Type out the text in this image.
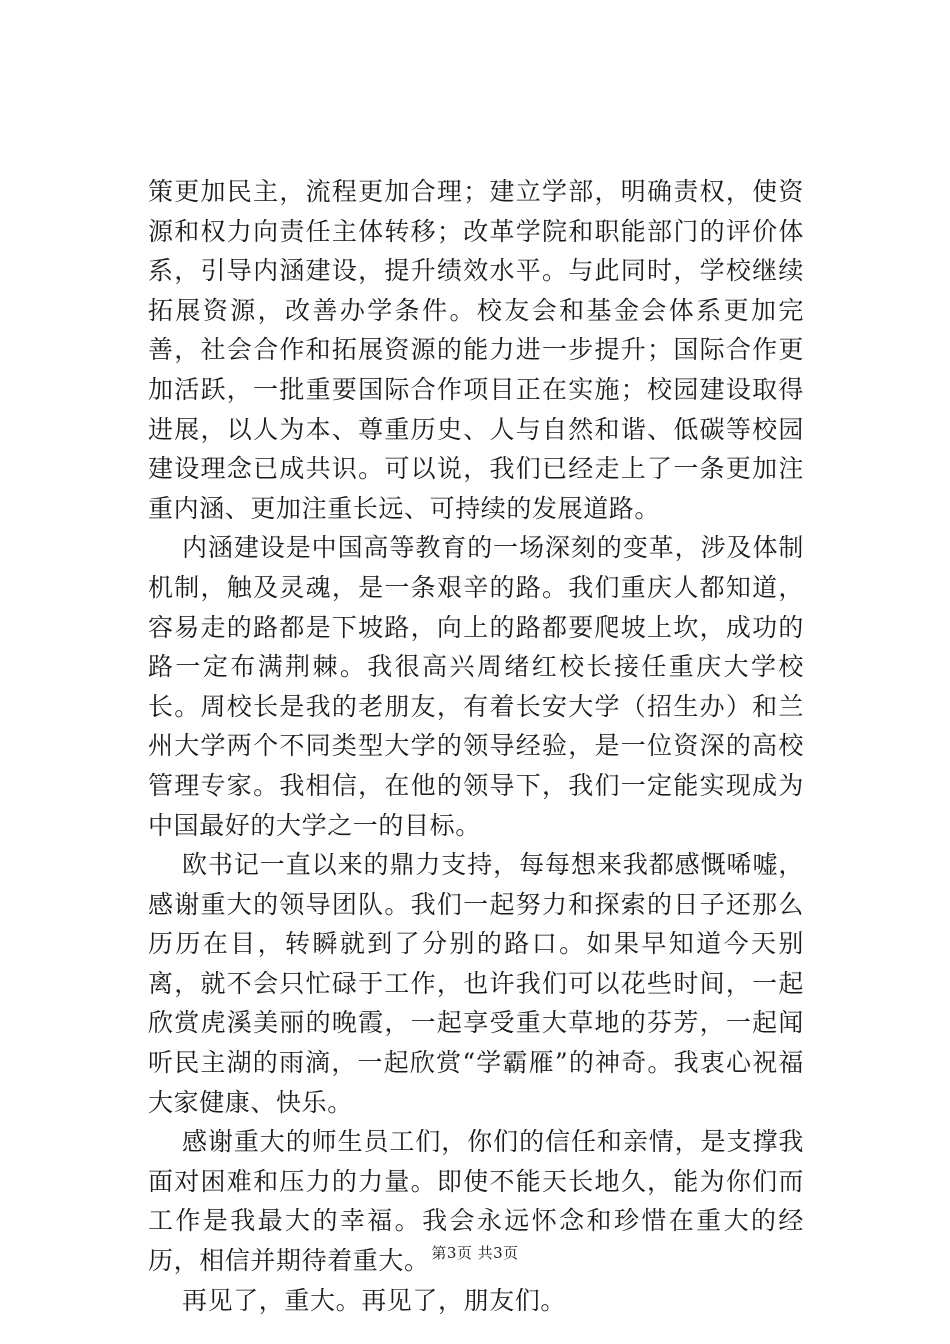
策更加民主，流程更加合理；建立学部，明确责权，使资源和权力向责任主体转移；改革学院和职能部门的评价体系，引导内涵建设，提升绩效水平。与此同时，学校继续拓展资源，改善办学条件。校友会和基金会体系更加完善，社会合作和拓展资源的能力进一步提升；国际合作更加活跃，一批重要国际合作项目正在实施；校园建设取得进展，以人为本、尊重历史、人与自然和谐、低碳等校园建设理念已成共识。可以说，我们已经走上了一条更加注重内涵、更加注重长远、可持续的发展道路。

内涵建设是中国高等教育的一场深刻的变革，涉及体制机制，触及灵魂，是一条艰辛的路。我们重庆人都知道，容易走的路都是下坡路，向上的路都要爬坡上坎，成功的路一定布满荆棘。我很高兴周绪红校长接任重庆大学校长。周校长是我的老朋友，有着长安大学（招生办）和兰州大学两个不同类型大学的领导经验，是一位资深的高校管理专家。我相信，在他的领导下，我们一定能实现成为中国最好的大学之一的目标。

欧书记一直以来的鼎力支持，每每想来我都感慨唏嘘，感谢重大的领导团队。我们一起努力和探索的日子还那么历历在目，转瞬就到了分别的路口。如果早知道今天别离，就不会只忙碌于工作，也许我们可以花些时间，一起欣赏虎溪美丽的晚霞，一起享受重大草地的芬芳，一起闻听民主湖的雨滴，一起欣赏“学霸雁”的神奇。我衷心祝福大家健康、快乐。

感谢重大的师生员工们，你们的信任和亲情，是支撑我面对困难和压力的力量。即使不能天长地久，能为你们而工作是我最大的幸福。我会永远怀念和珍惜在重大的经历，相信并期待着重大。

再见了，重大。再见了，朋友们。

第3页 共3页
